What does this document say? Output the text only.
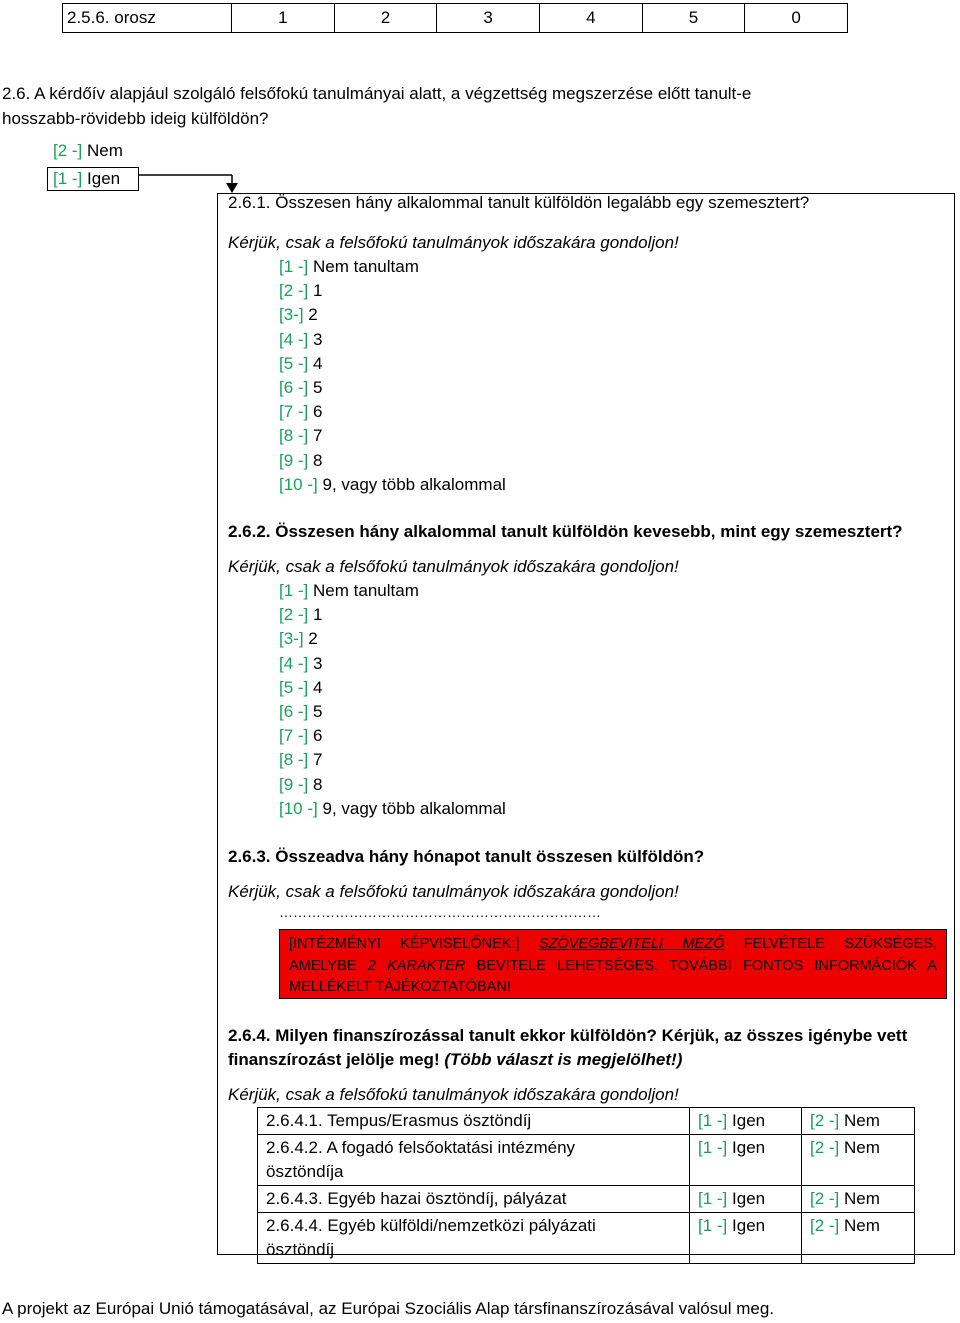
2.5.6. orosz	1	2	3	4	5	0
2.6. A kérdőív alapjául szolgáló felsőfokú tanulmányai alatt, a végzettség megszerzése előtt tanult-e
hosszabb-rövidebb ideig külföldön?
[2 -] Nem
[1 -] Igen
2.6.1. Összesen hány alkalommal tanult külföldön legalább egy szemesztert?
Kérjük, csak a felsőfokú tanulmányok időszakára gondoljon!
[1 -] Nem tanultam
[2 -] 1
[3-] 2
[4 -] 3
[5 -] 4
[6 -] 5
[7 -] 6
[8 -] 7
[9 -] 8
[10 -] 9, vagy több alkalommal
2.6.2. Összesen hány alkalommal tanult külföldön kevesebb, mint egy szemesztert?
Kérjük, csak a felsőfokú tanulmányok időszakára gondoljon!
[1 -] Nem tanultam
[2 -] 1
[3-] 2
[4 -] 3
[5 -] 4
[6 -] 5
[7 -] 6
[8 -] 7
[9 -] 8
[10 -] 9, vagy több alkalommal
2.6.3. Összeadva hány hónapot tanult összesen külföldön?
Kérjük, csak a felsőfokú tanulmányok időszakára gondoljon!
……………………………………………………………
[INTÉZMÉNYI KÉPVISELŐNEK:] SZÖVEGBEVITELI MEZŐ FELVÉTELE SZÜKSÉGES,
AMELYBE 2 KARAKTER BEVITELE LEHETSÉGES. TOVÁBBI FONTOS INFORMÁCIÓK A
MELLÉKELT TÁJÉKOZTATÓBAN!
2.6.4. Milyen finanszírozással tanult ekkor külföldön? Kérjük, az összes igénybe vett
finanszírozást jelölje meg! (Több választ is megjelölhet!)
Kérjük, csak a felsőfokú tanulmányok időszakára gondoljon!
2.6.4.1. Tempus/Erasmus ösztöndíj	[1 -] Igen	[2 -] Nem
2.6.4.2. A fogadó felsőoktatási intézmény ösztöndíja	[1 -] Igen	[2 -] Nem
2.6.4.3. Egyéb hazai ösztöndíj, pályázat	[1 -] Igen	[2 -] Nem
2.6.4.4. Egyéb külföldi/nemzetközi pályázati ösztöndíj	[1 -] Igen	[2 -] Nem
A projekt az Európai Unió támogatásával, az Európai Szociális Alap társfinanszírozásával valósul meg.
